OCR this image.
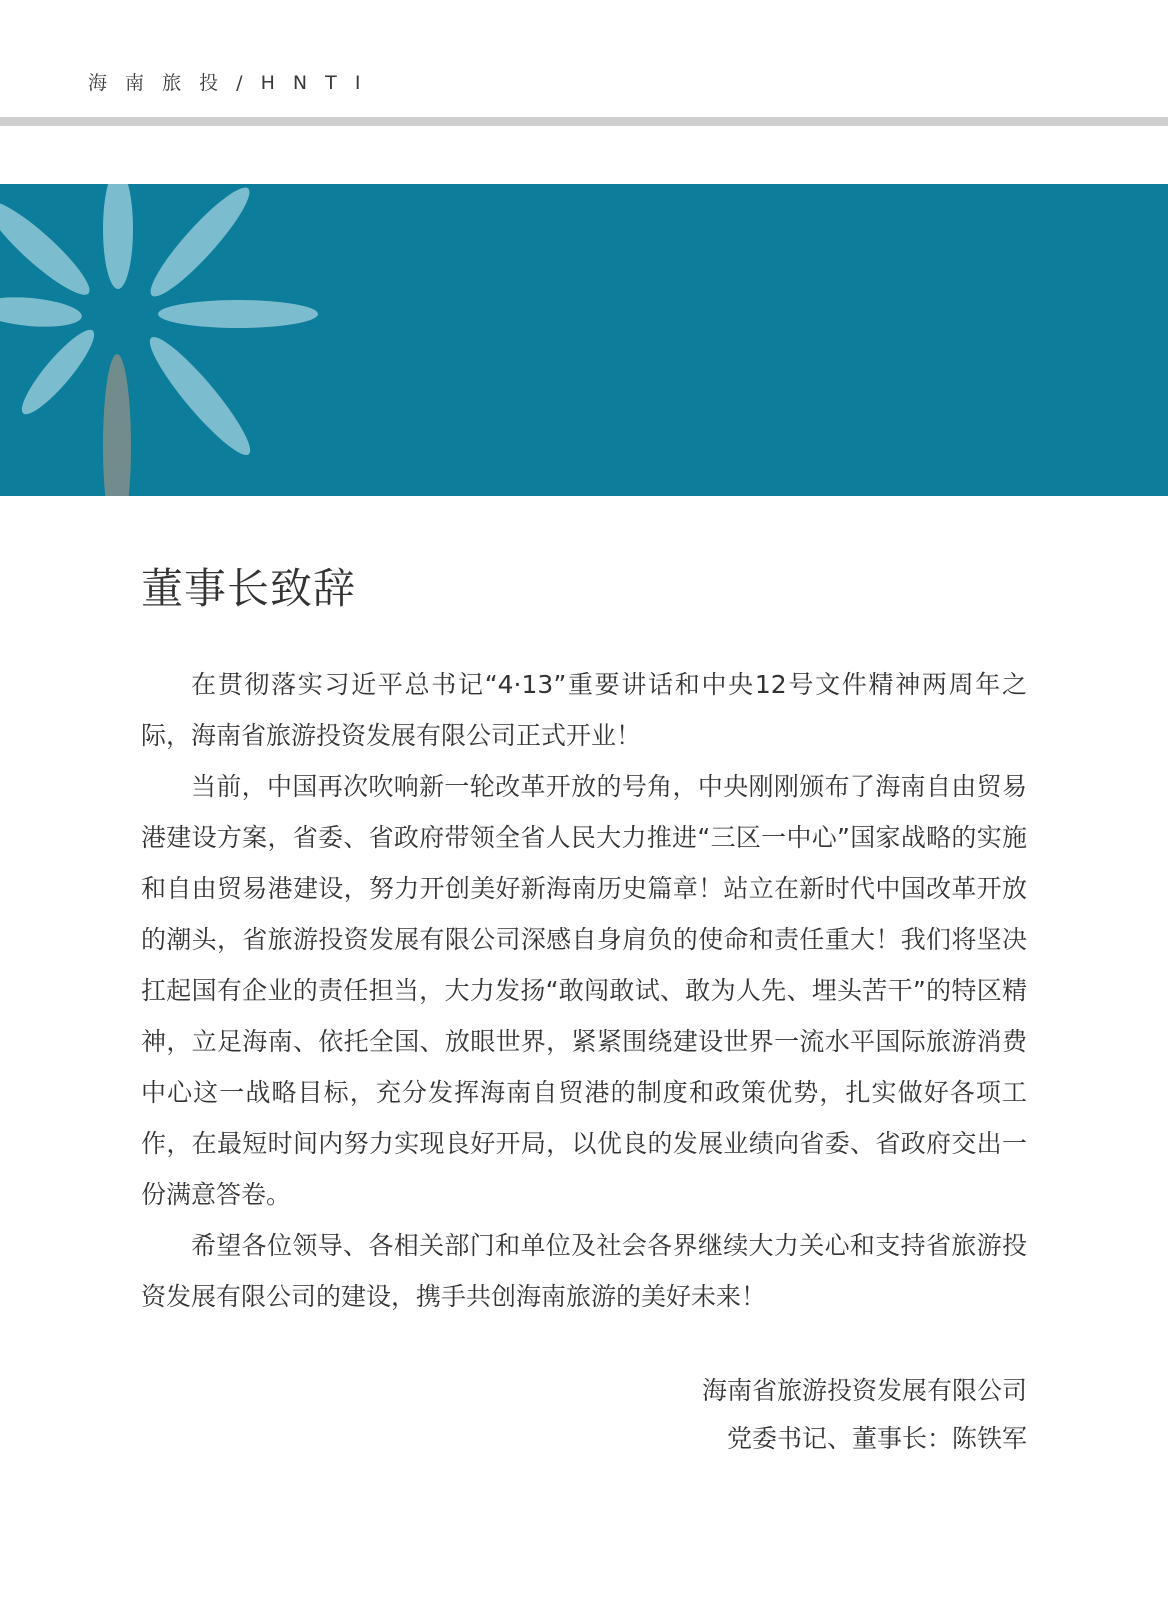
海 南 旅 投 / H N T I
董事长致辞

在贯彻落实习近平总书记“4·13”重要讲话和中央12号文件精神两周年之际，海南省旅游投资发展有限公司正式开业！

当前，中国再次吹响新一轮改革开放的号角，中央刚刚颁布了海南自由贸易港建设方案，省委、省政府带领全省人民大力推进“三区一中心”国家战略的实施和自由贸易港建设，努力开创美好新海南历史篇章！站立在新时代中国改革开放的潮头，省旅游投资发展有限公司深感自身肩负的使命和责任重大！我们将坚决扛起国有企业的责任担当，大力发扬“敢闯敢试、敢为人先、埋头苦干”的特区精神，立足海南、依托全国、放眼世界，紧紧围绕建设世界一流水平国际旅游消费中心这一战略目标，充分发挥海南自贸港的制度和政策优势，扎实做好各项工作，在最短时间内努力实现良好开局，以优良的发展业绩向省委、省政府交出一份满意答卷。

希望各位领导、各相关部门和单位及社会各界继续大力关心和支持省旅游投资发展有限公司的建设，携手共创海南旅游的美好未来！

海南省旅游投资发展有限公司
党委书记、董事长：陈铁军
